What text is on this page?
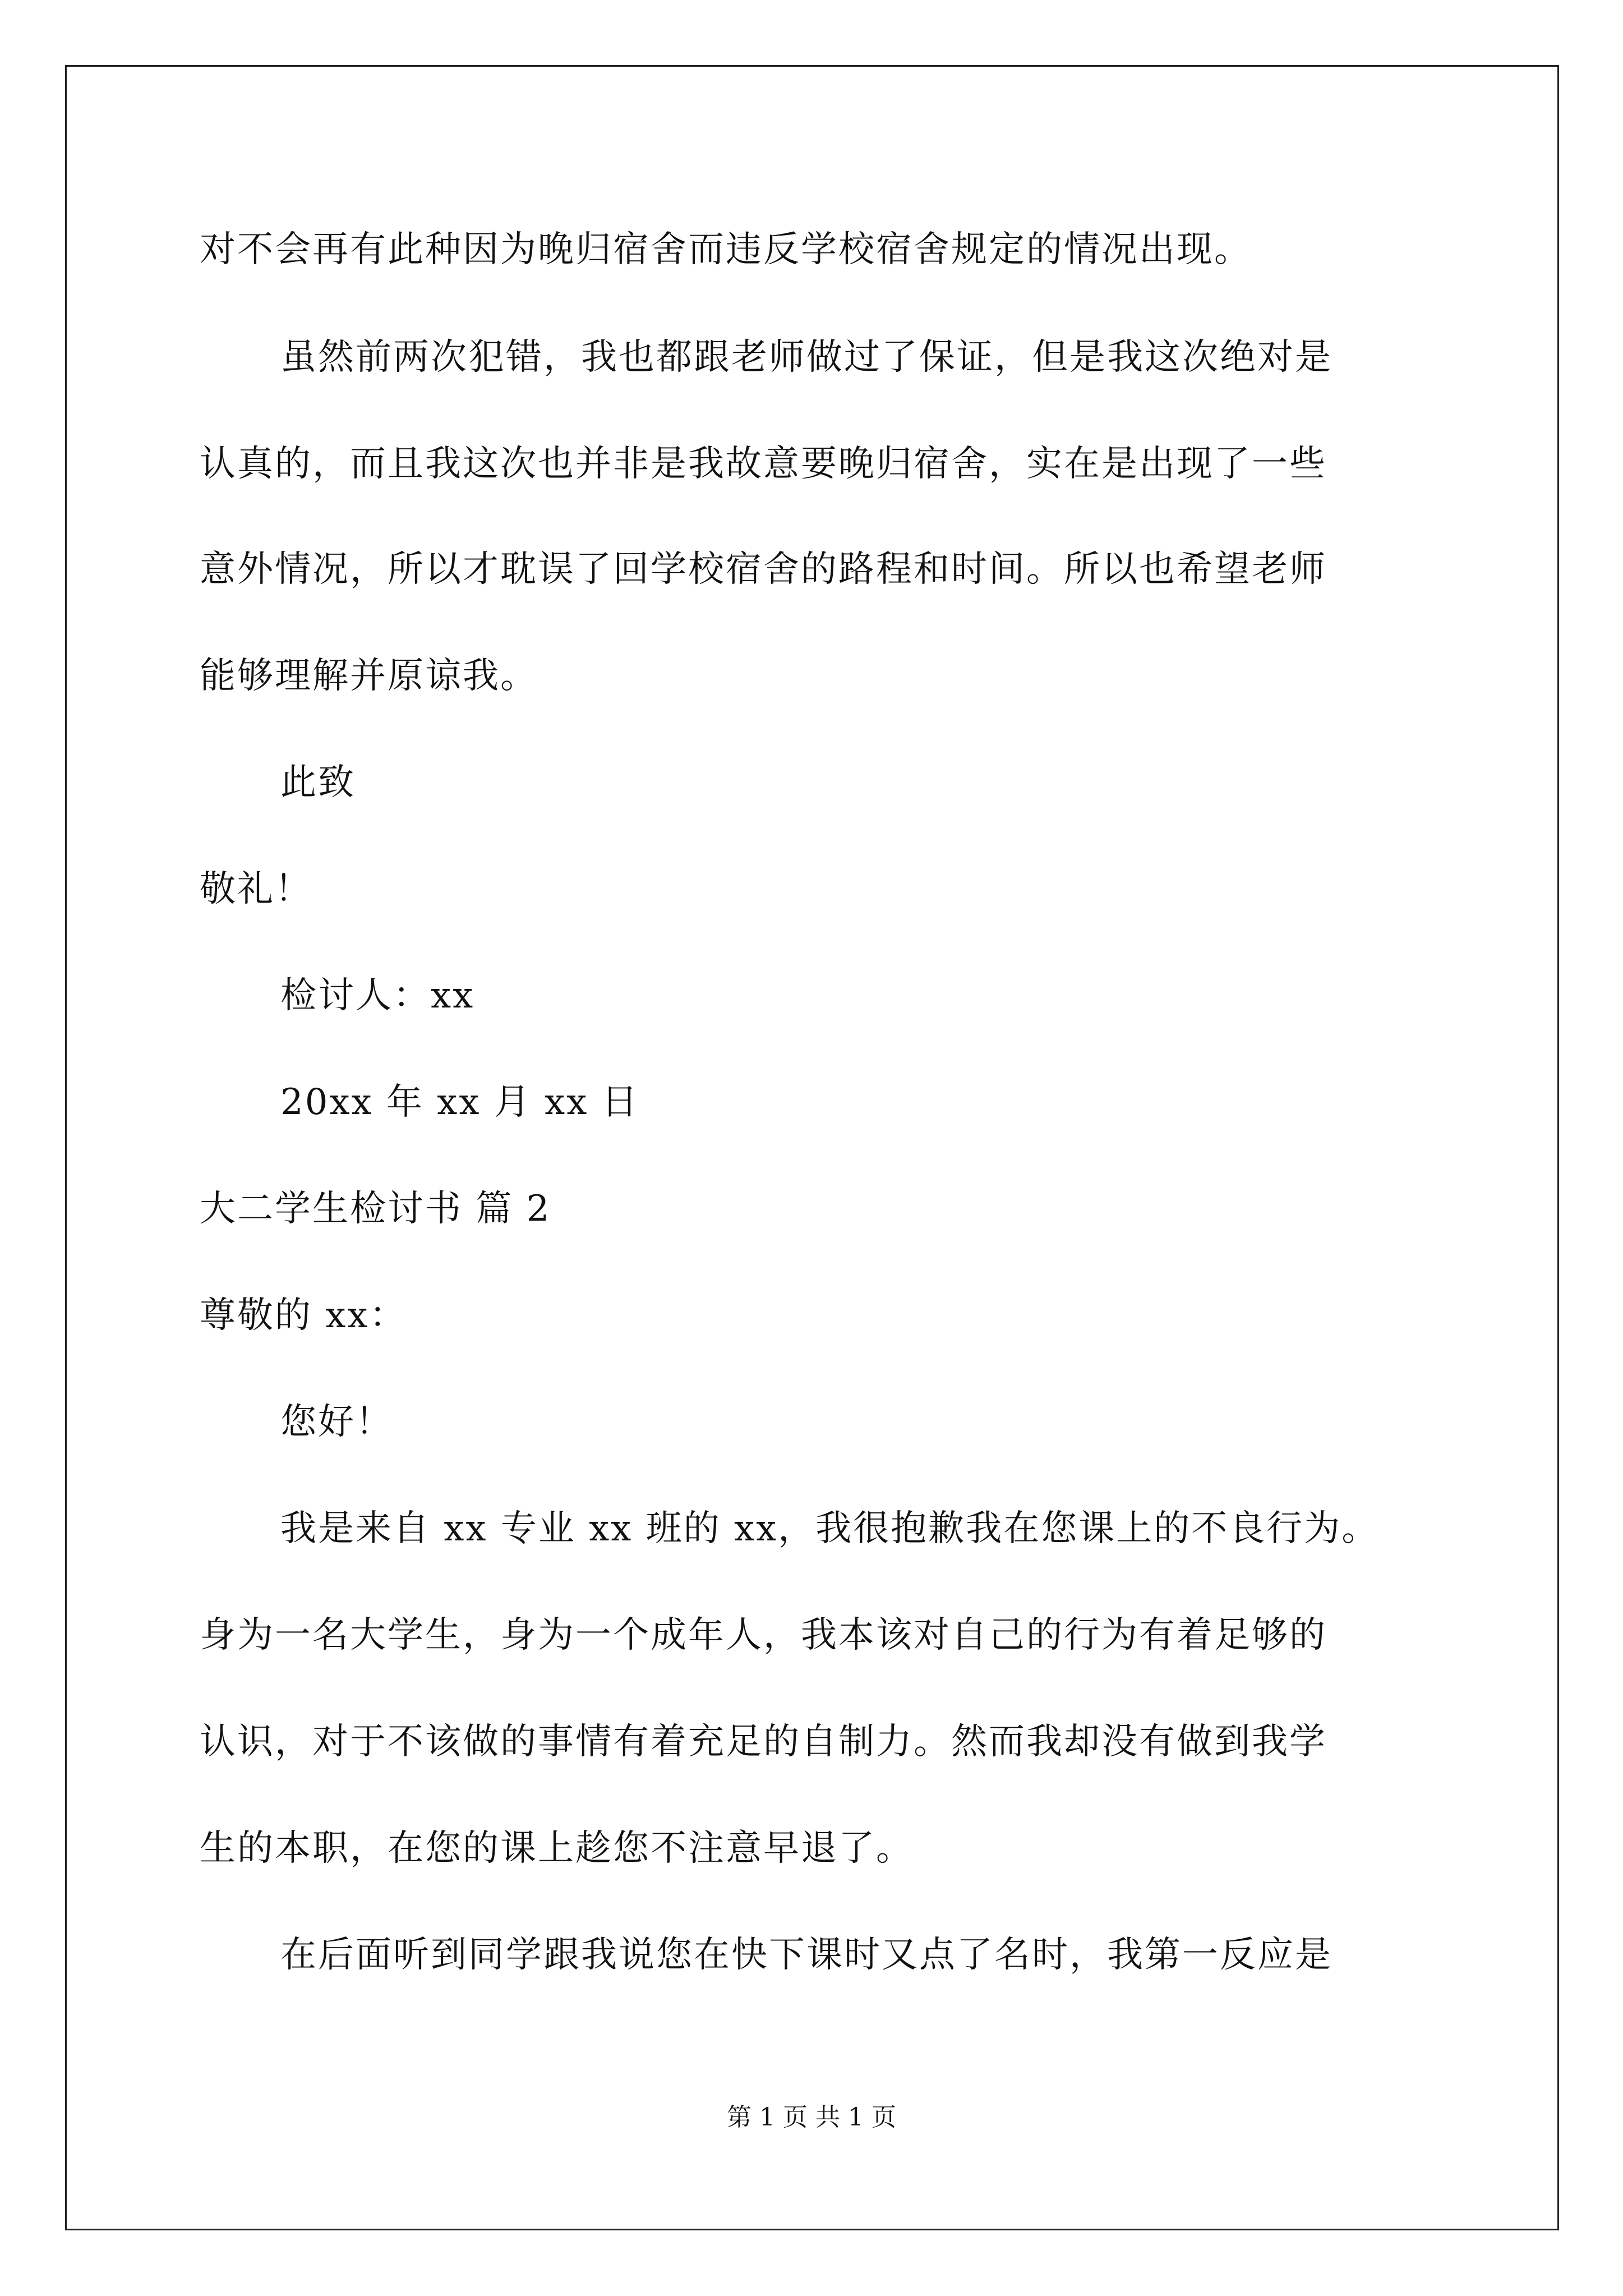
对不会再有此种因为晚归宿舍而违反学校宿舍规定的情况出现。
虽然前两次犯错，我也都跟老师做过了保证，但是我这次绝对是
认真的，而且我这次也并非是我故意要晚归宿舍，实在是出现了一些
意外情况，所以才耽误了回学校宿舍的路程和时间。所以也希望老师
能够理解并原谅我。
此致
敬礼！
检讨人：xx
20xx 年 xx 月 xx 日
大二学生检讨书 篇 2
尊敬的 xx：
您好！
我是来自 xx 专业 xx 班的 xx，我很抱歉我在您课上的不良行为。
身为一名大学生，身为一个成年人，我本该对自己的行为有着足够的
认识，对于不该做的事情有着充足的自制力。然而我却没有做到我学
生的本职，在您的课上趁您不注意早退了。
在后面听到同学跟我说您在快下课时又点了名时，我第一反应是
第 1 页 共 1 页
